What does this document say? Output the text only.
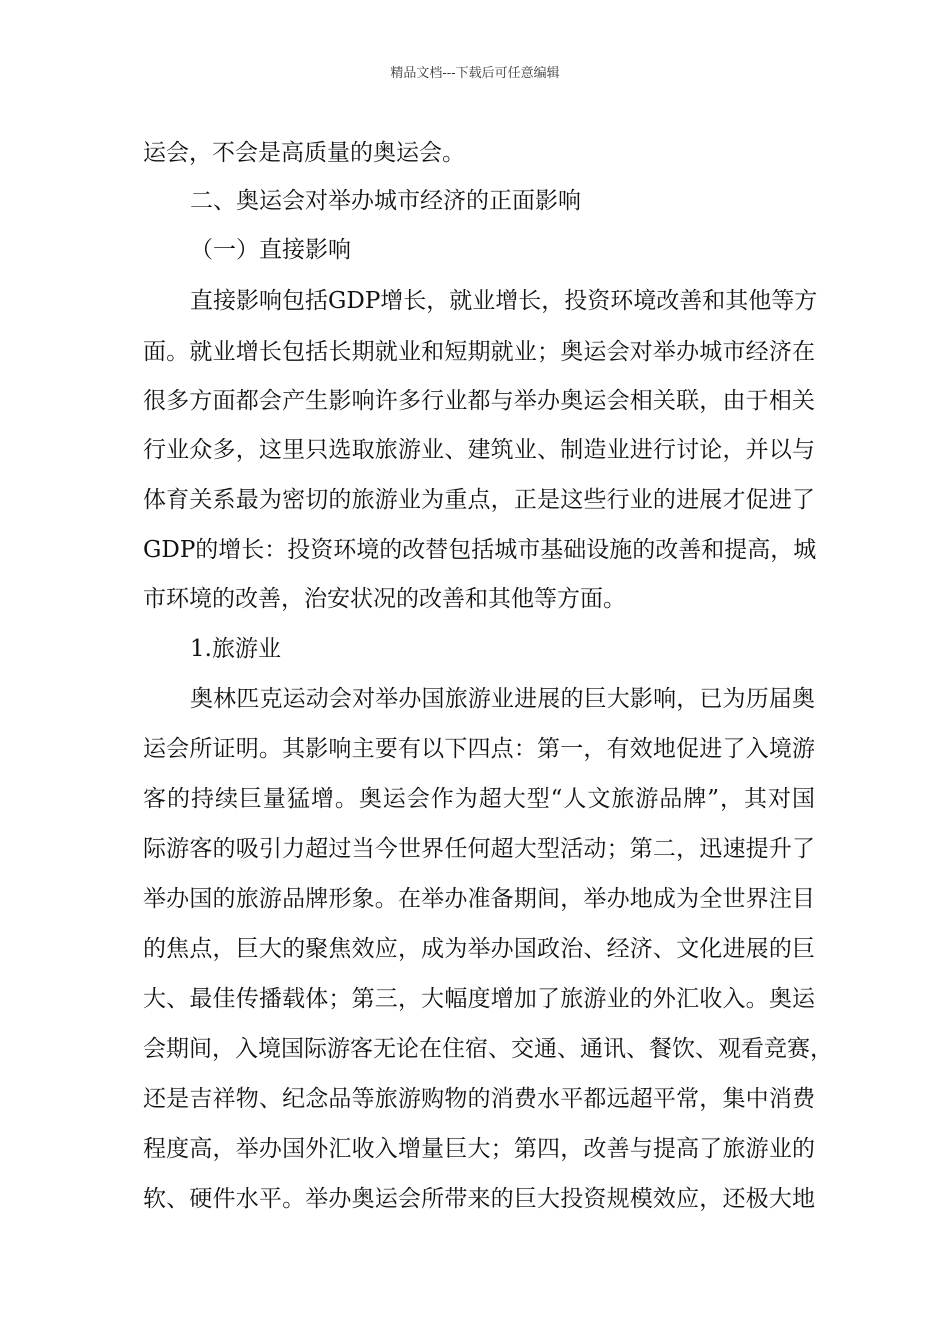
精品文档---下载后可任意编辑
运会，不会是高质量的奥运会。
二、奥运会对举办城市经济的正面影响
（一）直接影响
直接影响包括GDP增长，就业增长，投资环境改善和其他等方
面。就业增长包括长期就业和短期就业；奥运会对举办城市经济在
很多方面都会产生影响许多行业都与举办奥运会相关联，由于相关
行业众多，这里只选取旅游业、建筑业、制造业进行讨论，并以与
体育关系最为密切的旅游业为重点，正是这些行业的进展才促进了
GDP的增长：投资环境的改替包括城市基础设施的改善和提高，城
市环境的改善，治安状况的改善和其他等方面。
1.旅游业
奥林匹克运动会对举办国旅游业进展的巨大影响，已为历届奥
运会所证明。其影响主要有以下四点：第一，有效地促进了入境游
客的持续巨量猛增。奥运会作为超大型“人文旅游品牌”，其对国
际游客的吸引力超过当今世界任何超大型活动；第二，迅速提升了
举办国的旅游品牌形象。在举办准备期间，举办地成为全世界注目
的焦点，巨大的聚焦效应，成为举办国政治、经济、文化进展的巨
大、最佳传播载体；第三，大幅度增加了旅游业的外汇收入。奥运
会期间，入境国际游客无论在住宿、交通、通讯、餐饮、观看竞赛，
还是吉祥物、纪念品等旅游购物的消费水平都远超平常，集中消费
程度高，举办国外汇收入增量巨大；第四，改善与提高了旅游业的
软、硬件水平。举办奥运会所带来的巨大投资规模效应，还极大地
